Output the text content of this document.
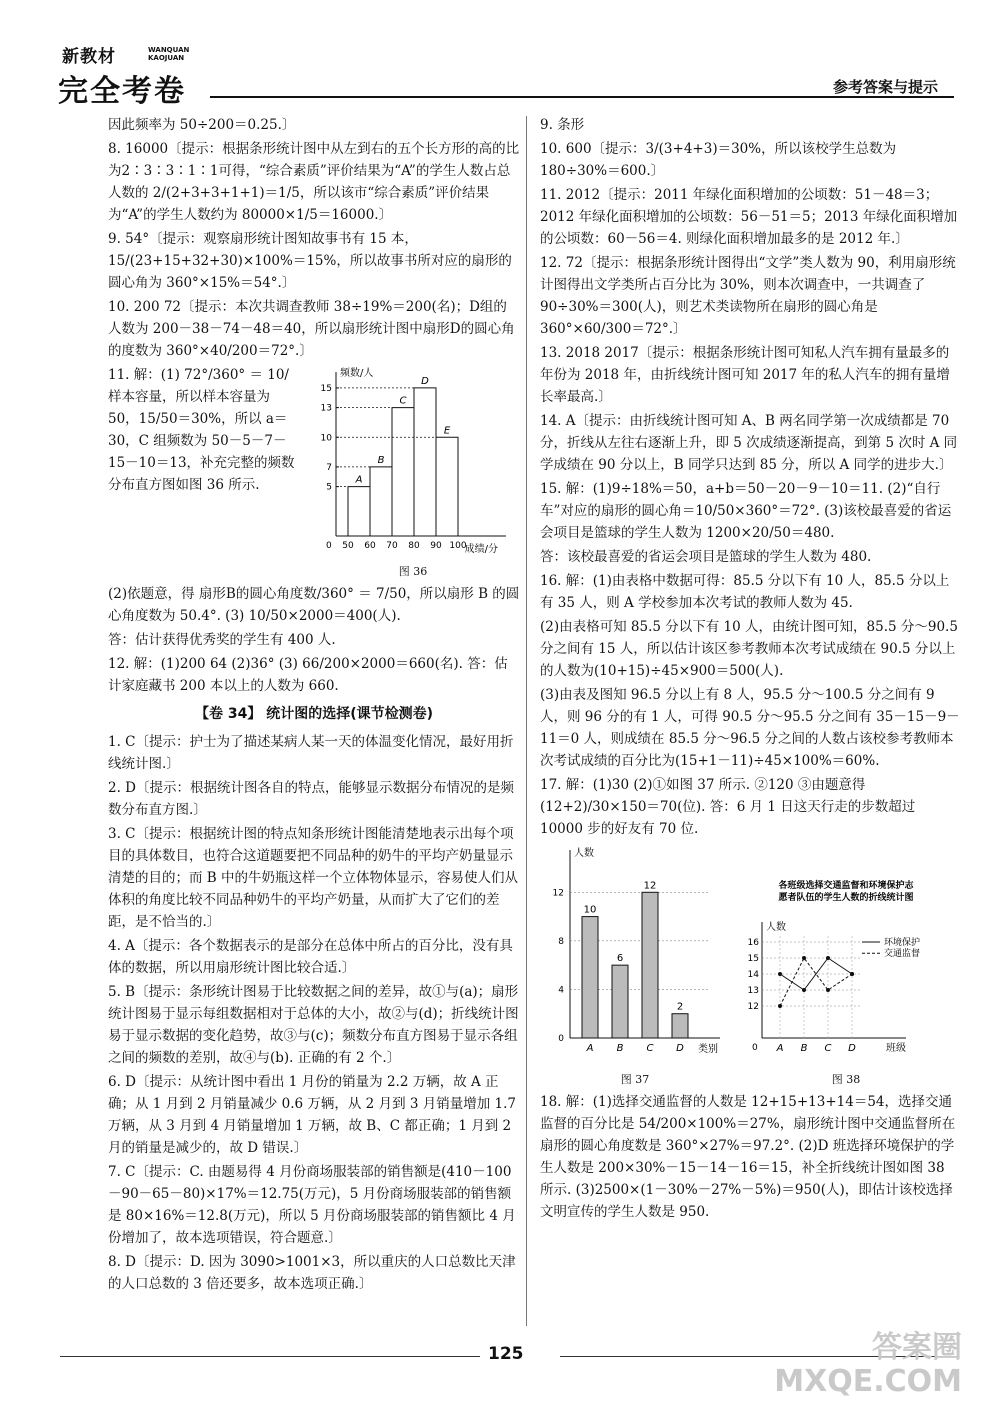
新教材	WANQUAN
KAOJUAN
完全考卷	参考答案与提示

因此频率为 50÷200＝0.25.〕

8. 16000〔提示：根据条形统计图中从左到右的五个长方形的高的比为2∶3∶3∶1∶1可得，“综合素质”评价结果为“A”的学生人数占总人数的 2/(2+3+3+1+1)＝1/5，所以该市“综合素质”评价结果为“A”的学生人数约为 80000×1/5＝16000.〕

9. 54°〔提示：观察扇形统计图知故事书有 15 本，15/(23+15+32+30)×100%＝15%，所以故事书所对应的扇形的圆心角为 360°×15%＝54°.〕

10. 200 72〔提示：本次共调查教师 38÷19%＝200(名)；D组的人数为 200－38－74－48＝40，所以扇形统计图中扇形D的圆心角的度数为 360°×40/200＝72°.〕

11. 解：(1) 72°/360° ＝ 10/样本容量，所以样本容量为 50，15/50＝30%，所以 a＝30，C 组频数为 50－5－7－15－10＝13，补充完整的频数分布直方图如图 36 所示.

频数/人
成绩/分
5
7
10
13
15
50 60 70 80 90 100
0
A
B
C
D
E
图 36

(2)依题意，得 扇形B的圆心角度数/360° ＝ 7/50，所以扇形 B 的圆心角度数为 50.4°. (3) 10/50×2000＝400(人).

答：估计获得优秀奖的学生有 400 人.

12. 解：(1)200 64 (2)36° (3) 66/200×2000＝660(名). 答：估计家庭藏书 200 本以上的人数为 660.

【卷 34】 统计图的选择(课节检测卷)

1. C〔提示：护士为了描述某病人某一天的体温变化情况，最好用折线统计图.〕

2. D〔提示：根据统计图各自的特点，能够显示数据分布情况的是频数分布直方图.〕

3. C〔提示：根据统计图的特点知条形统计图能清楚地表示出每个项目的具体数目，也符合这道题要把不同品种的奶牛的平均产奶量显示清楚的目的；而 B 中的牛奶瓶这样一个立体物体显示，容易使人们从体积的角度比较不同品种奶牛的平均产奶量，从而扩大了它们的差距，是不恰当的.〕

4. A〔提示：各个数据表示的是部分在总体中所占的百分比，没有具体的数据，所以用扇形统计图比较合适.〕

5. B〔提示：条形统计图易于比较数据之间的差异，故①与(a)；扇形统计图易于显示每组数据相对于总体的大小，故②与(d)；折线统计图易于显示数据的变化趋势，故③与(c)；频数分布直方图易于显示各组之间的频数的差别，故④与(b). 正确的有 2 个.〕

6. D〔提示：从统计图中看出 1 月份的销量为 2.2 万辆，故 A 正确；从 1 月到 2 月销量减少 0.6 万辆，从 2 月到 3 月销量增加 1.7 万辆，从 3 月到 4 月销量增加 1 万辆，故 B、C 都正确；1 月到 2 月的销量是减少的，故 D 错误.〕

7. C〔提示：C. 由题易得 4 月份商场服装部的销售额是(410－100－90－65－80)×17%＝12.75(万元)，5 月份商场服装部的销售额是 80×16%＝12.8(万元)，所以 5 月份商场服装部的销售额比 4 月份增加了，故本选项错误，符合题意.〕

8. D〔提示：D. 因为 3090>1001×3，所以重庆的人口总数比天津的人口总数的 3 倍还要多，故本选项正确.〕

9. 条形

10. 600〔提示：3/(3+4+3)＝30%，所以该校学生总数为 180÷30%＝600.〕

11. 2012〔提示：2011 年绿化面积增加的公顷数：51－48＝3；2012 年绿化面积增加的公顷数：56－51＝5；2013 年绿化面积增加的公顷数：60－56＝4. 则绿化面积增加最多的是 2012 年.〕

12. 72〔提示：根据条形统计图得出“文学”类人数为 90，利用扇形统计图得出文学类所占百分比为 30%，则本次调查中，一共调查了 90÷30%＝300(人)，则艺术类读物所在扇形的圆心角是 360°×60/300＝72°.〕

13. 2018 2017〔提示：根据条形统计图可知私人汽车拥有量最多的年份为 2018 年，由折线统计图可知 2017 年的私人汽车的拥有量增长率最高.〕

14. A〔提示：由折线统计图可知 A、B 两名同学第一次成绩都是 70 分，折线从左往右逐渐上升，即 5 次成绩逐渐提高，到第 5 次时 A 同学成绩在 90 分以上，B 同学只达到 85 分，所以 A 同学的进步大.〕

15. 解：(1)9÷18%＝50，a+b＝50－20－9－10＝11. (2)“自行车”对应的扇形的圆心角＝10/50×360°＝72°. (3)该校最喜爱的省运会项目是篮球的学生人数为 1200×20/50＝480.

答：该校最喜爱的省运会项目是篮球的学生人数为 480.

16. 解：(1)由表格中数据可得：85.5 分以下有 10 人，85.5 分以上有 35 人，则 A 学校参加本次考试的教师人数为 45.

(2)由表格可知 85.5 分以下有 10 人，由统计图可知，85.5 分～90.5 分之间有 15 人，所以估计该区参考教师本次考试成绩在 90.5 分以上的人数为(10+15)÷45×900＝500(人).

(3)由表及图知 96.5 分以上有 8 人，95.5 分～100.5 分之间有 9 人，则 96 分的有 1 人，可得 90.5 分～95.5 分之间有 35－15－9－11＝0 人，则成绩在 85.5 分～96.5 分之间的人数占该校参考教师本次考试成绩的百分比为(15+1－11)÷45×100%＝60%.

17. 解：(1)30 (2)①如图 37 所示. ②120 ③由题意得 (12+2)/30×150＝70(位). 答：6 月 1 日这天行走的步数超过 10000 步的好友有 70 位.

人数
类别
0
4
8
12
10
A
6
B
12
C
2
D
图 37
各班级选择交通监督和环境保护志
愿者队伍的学生人数的折线统计图
人数
0	班级
12
13
14
15
16
A B C D
环境保护
交通监督
图 38

18. 解：(1)选择交通监督的人数是 12+15+13+14＝54，选择交通监督的百分比是 54/200×100%＝27%，扇形统计图中交通监督所在扇形的圆心角度数是 360°×27%＝97.2°. (2)D 班选择环境保护的学生人数是 200×30%－15－14－16＝15，补全折线统计图如图 38 所示. (3)2500×(1－30%－27%－5%)＝950(人)，即估计该校选择文明宣传的学生人数是 950.

125	答案圈
MXQE.COM
